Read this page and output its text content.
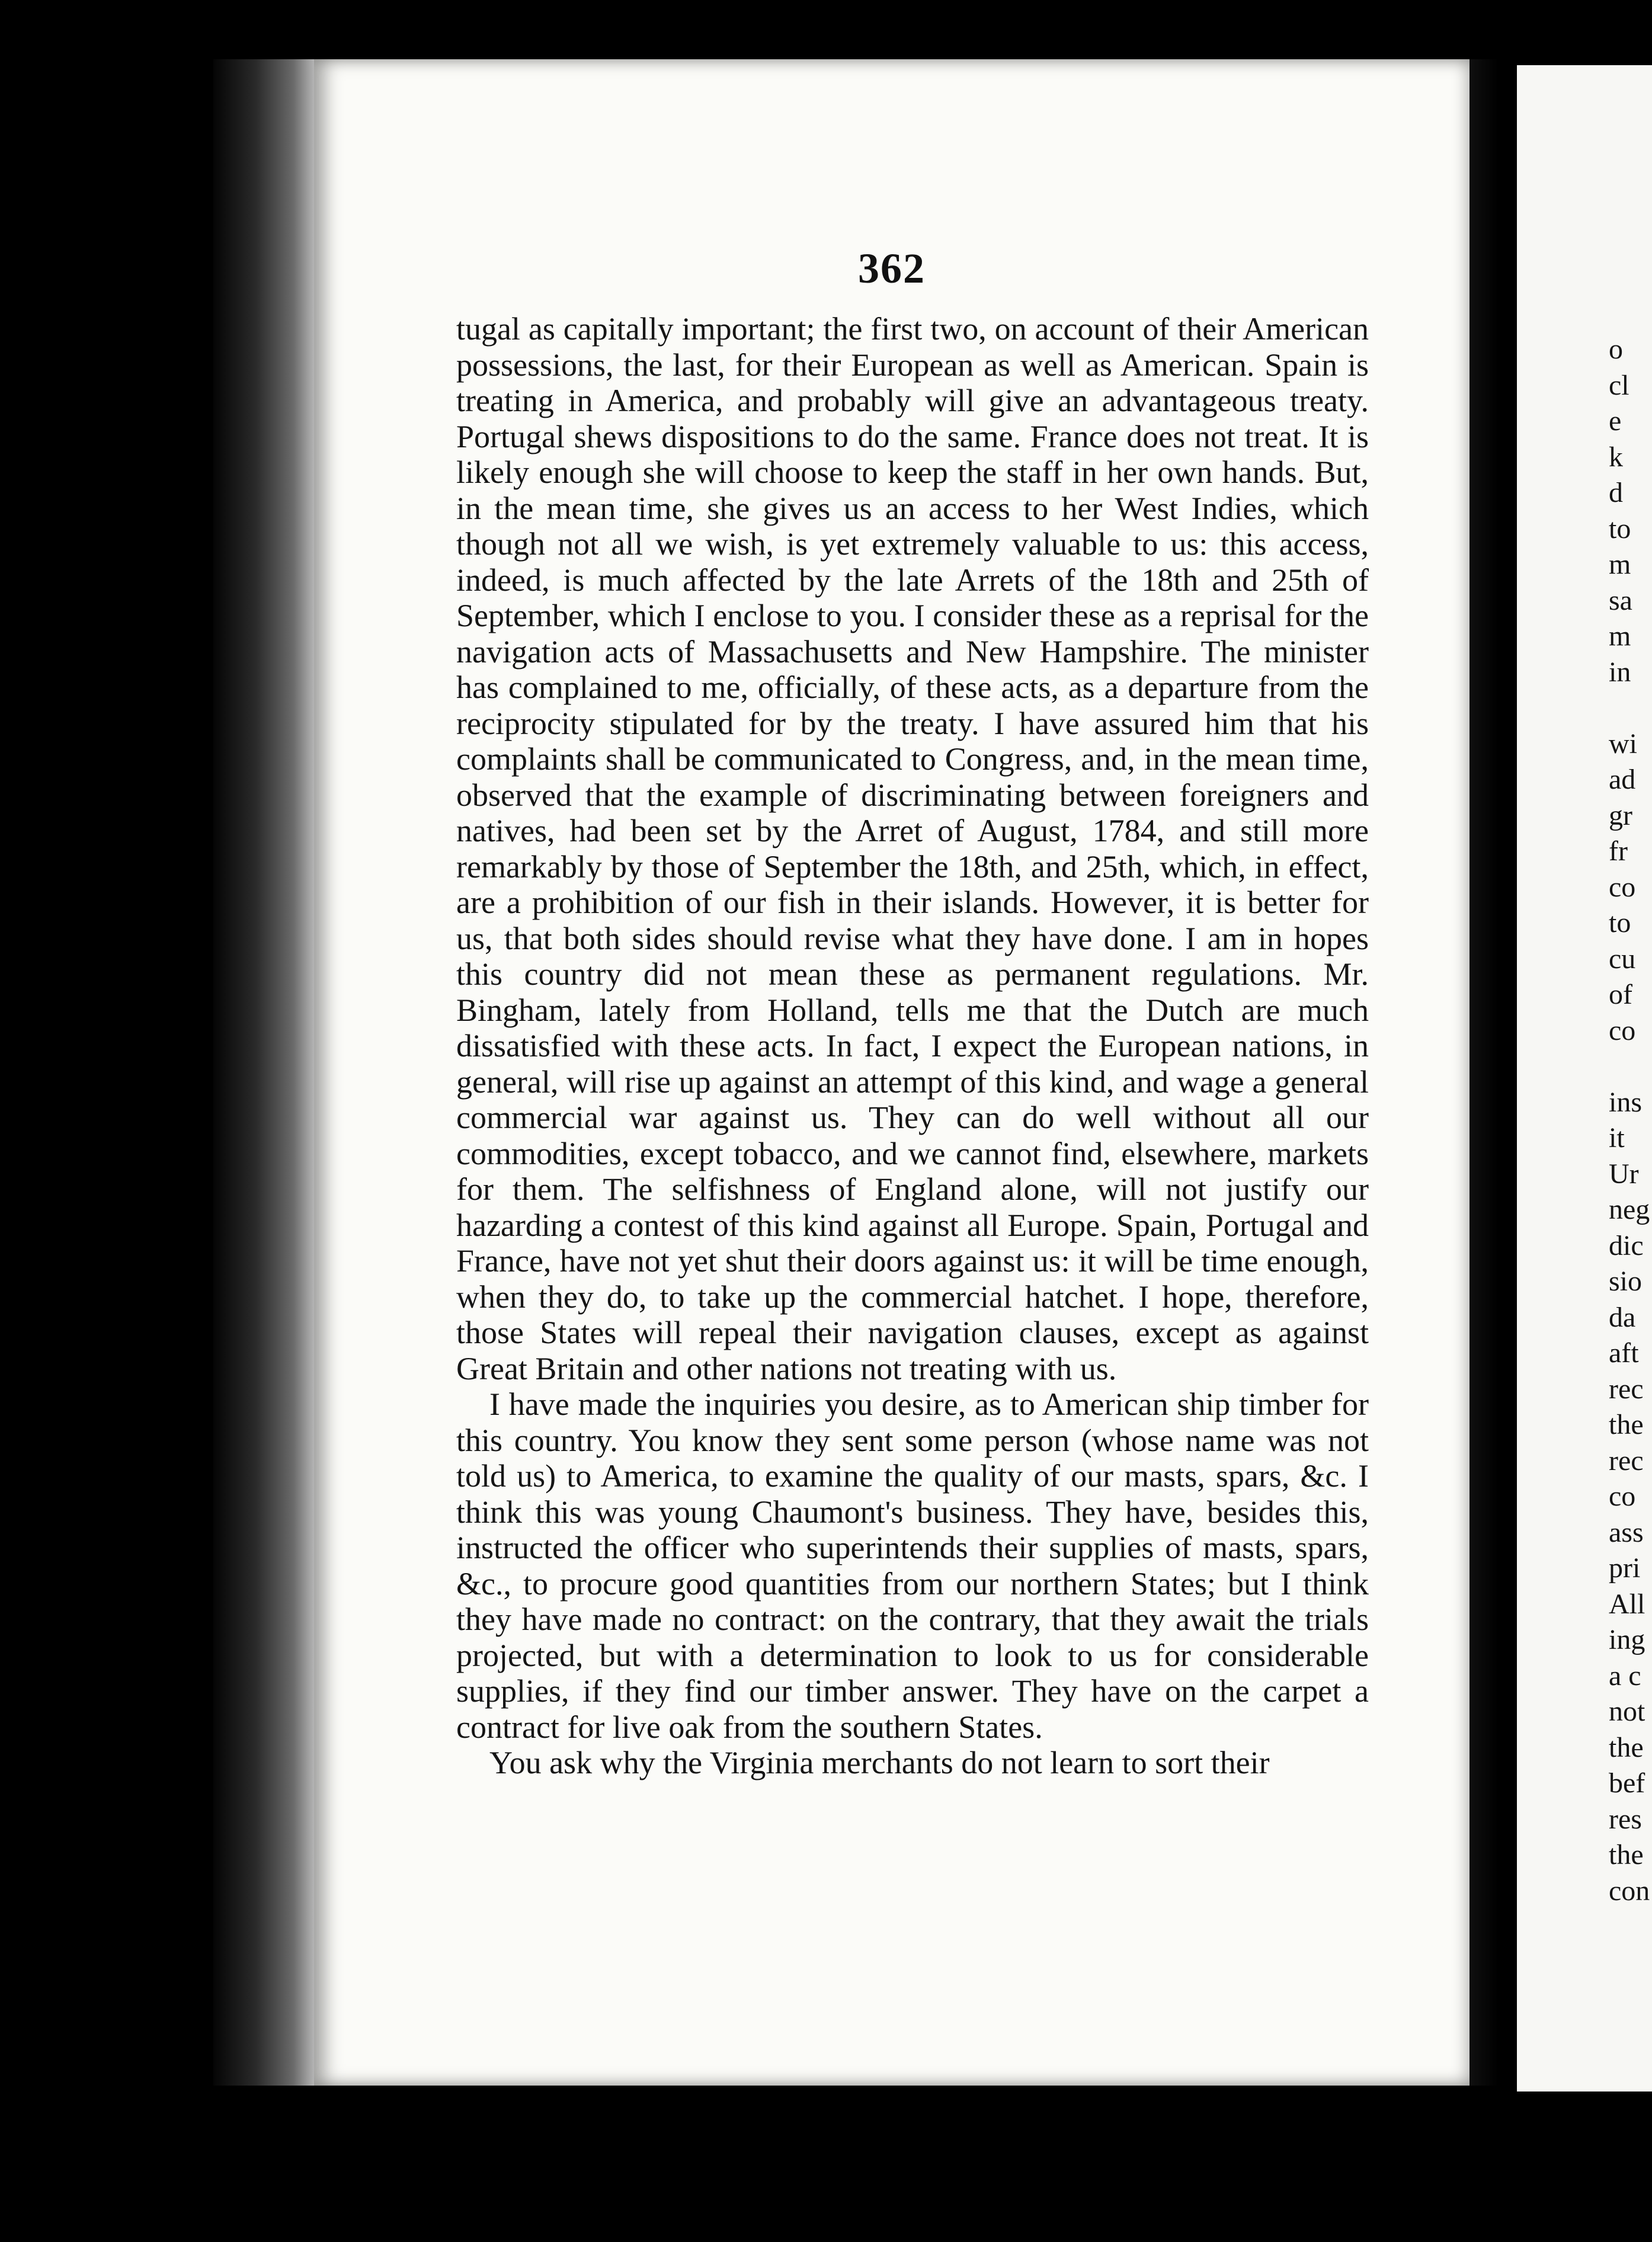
362

tugal as capitally important; the first two, on account of their American possessions, the last, for their European as well as American. Spain is treating in America, and probably will give an advantageous treaty. Portugal shews dispositions to do the same. France does not treat. It is likely enough she will choose to keep the staff in her own hands. But, in the mean time, she gives us an access to her West Indies, which though not all we wish, is yet extremely valuable to us: this access, indeed, is much affected by the late Arrets of the 18th and 25th of September, which I enclose to you. I consider these as a reprisal for the navigation acts of Massachusetts and New Hampshire. The minister has complained to me, officially, of these acts, as a departure from the reciprocity stipulated for by the treaty. I have assured him that his complaints shall be communicated to Congress, and, in the mean time, observed that the example of discriminating between foreigners and natives, had been set by the Arret of August, 1784, and still more remarkably by those of September the 18th, and 25th, which, in effect, are a prohibition of our fish in their islands. However, it is better for us, that both sides should revise what they have done. I am in hopes this country did not mean these as permanent regulations. Mr. Bingham, lately from Holland, tells me that the Dutch are much dissatisfied with these acts. In fact, I expect the European nations, in general, will rise up against an attempt of this kind, and wage a general commercial war against us. They can do well without all our commodities, except tobacco, and we cannot find, elsewhere, markets for them. The selfishness of England alone, will not justify our hazarding a contest of this kind against all Europe. Spain, Portugal and France, have not yet shut their doors against us: it will be time enough, when they do, to take up the commercial hatchet. I hope, therefore, those States will repeal their navigation clauses, except as against Great Britain and other nations not treating with us.

I have made the inquiries you desire, as to American ship timber for this country. You know they sent some person (whose name was not told us) to America, to examine the quality of our masts, spars, &c. I think this was young Chaumont's business. They have, besides this, instructed the officer who superintends their supplies of masts, spars, &c., to procure good quantities from our northern States; but I think they have made no contract: on the contrary, that they await the trials projected, but with a determination to look to us for considerable supplies, if they find our timber answer. They have on the carpet a contract for live oak from the southern States.

You ask why the Virginia merchants do not learn to sort their

o
cl
e
k
d
to
m
sa
m
in
wi
ad
gr
fr
co
to
cu
of
co
ins
it
Ur
neg
dic
sio
da
aft
rec
the
rec
co
ass
pri
All
ing
a c
not
the
bef
res
the
con
